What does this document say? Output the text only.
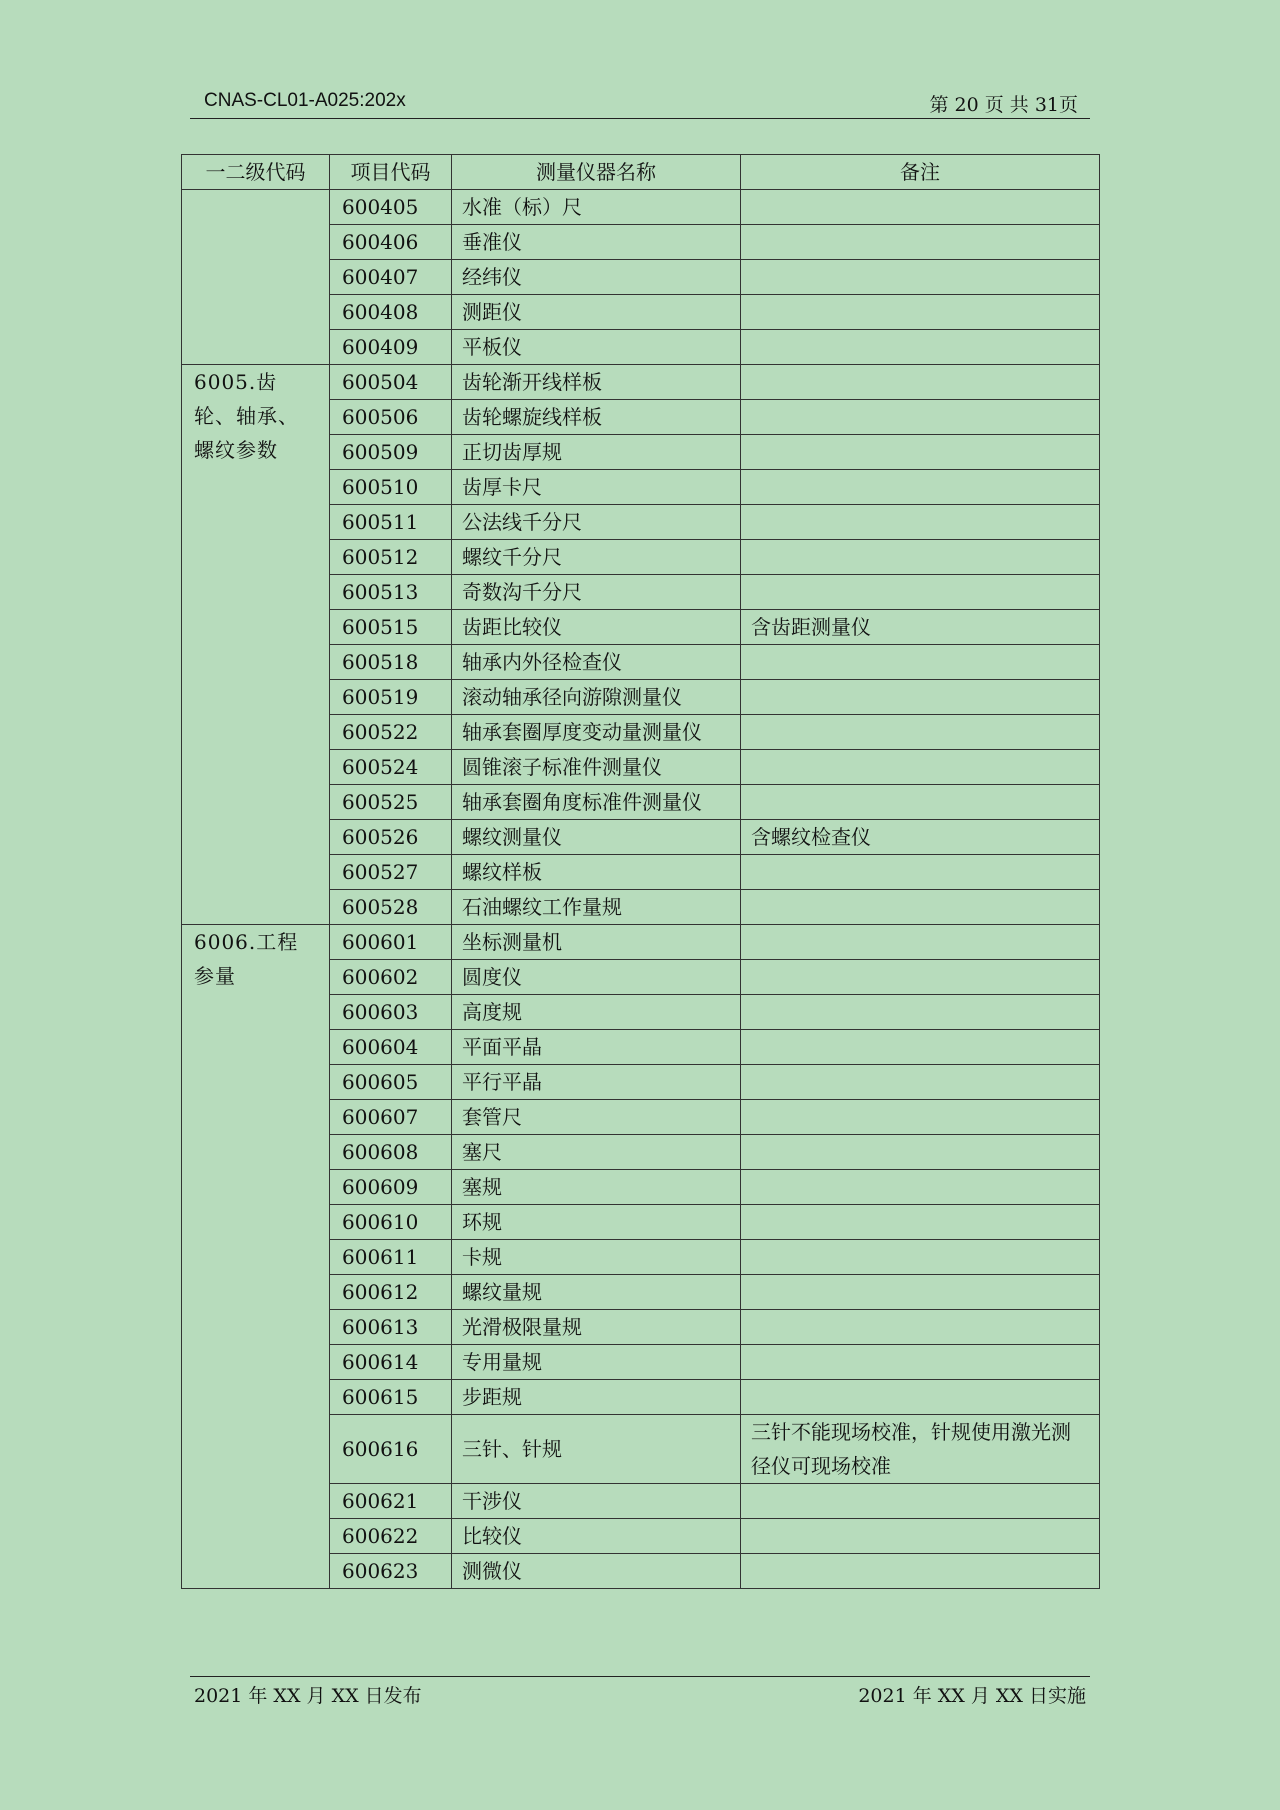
CNAS-CL01-A025:202x	第 20 页 共 31页
一二级代码	项目代码	测量仪器名称	备注
	600405	水准（标）尺	
	600406	垂准仪	
	600407	经纬仪	
	600408	测距仪	
	600409	平板仪	
6005.齿轮、轴承、螺纹参数	600504	齿轮渐开线样板	
	600506	齿轮螺旋线样板	
	600509	正切齿厚规	
	600510	齿厚卡尺	
	600511	公法线千分尺	
	600512	螺纹千分尺	
	600513	奇数沟千分尺	
	600515	齿距比较仪	含齿距测量仪
	600518	轴承内外径检查仪	
	600519	滚动轴承径向游隙测量仪	
	600522	轴承套圈厚度变动量测量仪	
	600524	圆锥滚子标准件测量仪	
	600525	轴承套圈角度标准件测量仪	
	600526	螺纹测量仪	含螺纹检查仪
	600527	螺纹样板	
	600528	石油螺纹工作量规	
6006.工程参量	600601	坐标测量机	
	600602	圆度仪	
	600603	高度规	
	600604	平面平晶	
	600605	平行平晶	
	600607	套管尺	
	600608	塞尺	
	600609	塞规	
	600610	环规	
	600611	卡规	
	600612	螺纹量规	
	600613	光滑极限量规	
	600614	专用量规	
	600615	步距规	
	600616	三针、针规	三针不能现场校准，针规使用激光测径仪可现场校准
	600621	干涉仪	
	600622	比较仪	
	600623	测微仪	
2021 年 XX 月 XX 日发布	2021 年 XX 月 XX 日实施
